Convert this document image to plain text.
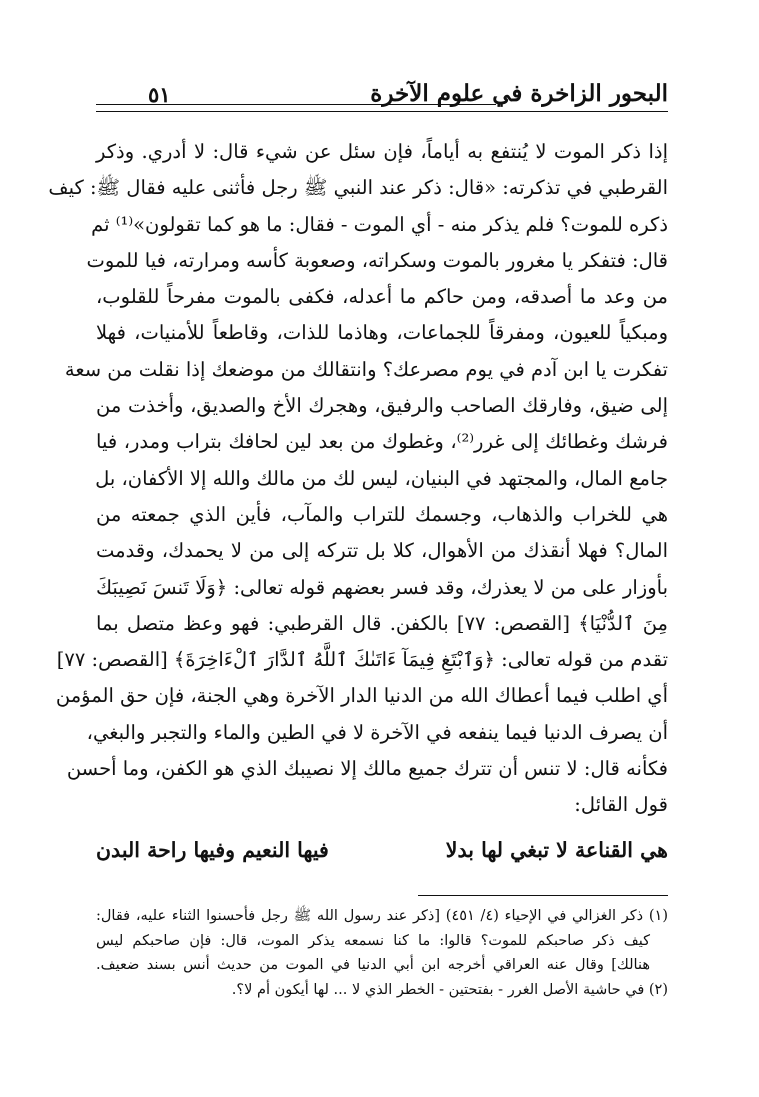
البحور الزاخرة في علوم الآخرة
٥١
إذا ذكر الموت لا يُنتفع به أياماً، فإن سئل عن شيء قال: لا أدري. وذكر
القرطبي في تذكرته: «قال: ذكر عند النبي ﷺ رجل فأثنى عليه فقال ﷺ: كيف
ذكره للموت؟ فلم يذكر منه - أي الموت - فقال: ما هو كما تقولون»⁽¹⁾ ثم
قال: فتفكر يا مغرور بالموت وسكراته، وصعوبة كأسه ومرارته، فيا للموت
من وعد ما أصدقه، ومن حاكم ما أعدله، فكفى بالموت مفرحاً للقلوب،
ومبكياً للعيون، ومفرقاً للجماعات، وهاذما للذات، وقاطعاً للأمنيات، فهلا
تفكرت يا ابن آدم في يوم مصرعك؟ وانتقالك من موضعك إذا نقلت من سعة
إلى ضيق، وفارقك الصاحب والرفيق، وهجرك الأخ والصديق، وأخذت من
فرشك وغطائك إلى غرر⁽²⁾، وغطوك من بعد لين لحافك بتراب ومدر، فيا
جامع المال، والمجتهد في البنيان، ليس لك من مالك والله إلا الأكفان، بل
هي للخراب والذهاب، وجسمك للتراب والمآب، فأين الذي جمعته من
المال؟ فهلا أنقذك من الأهوال، كلا بل تتركه إلى من لا يحمدك، وقدمت
بأوزار على من لا يعذرك، وقد فسر بعضهم قوله تعالى: ﴿وَلَا تَنسَ نَصِيبَكَ
مِنَ ٱلدُّنْيَا﴾ [القصص: ٧٧] بالكفن. قال القرطبي: فهو وعظ متصل بما
تقدم من قوله تعالى: ﴿وَٱبْتَغِ فِيمَآ ءَاتَىٰكَ ٱللَّهُ ٱلدَّارَ ٱلْءَاخِرَةَ﴾ [القصص: ٧٧]
أي اطلب فيما أعطاك الله من الدنيا الدار الآخرة وهي الجنة، فإن حق المؤمن
أن يصرف الدنيا فيما ينفعه في الآخرة لا في الطين والماء والتجبر والبغي،
فكأنه قال: لا تنس أن تترك جميع مالك إلا نصيبك الذي هو الكفن، وما أحسن
قول القائل:
هي القناعة لا تبغي لها بدلا
فيها النعيم وفيها راحة البدن
(١) ذكر الغزالي في الإحياء (٤/ ٤٥١) [ذكر عند رسول الله ﷺ رجل فأحسنوا الثناء عليه، فقال:
كيف ذكر صاحبكم للموت؟ قالوا: ما كنا نسمعه يذكر الموت، قال: فإن صاحبكم ليس
هنالك] وقال عنه العراقي أخرجه ابن أبي الدنيا في الموت من حديث أنس بسند ضعيف.
(٢) في حاشية الأصل الغرر - بفتحتين - الخطر الذي لا ... لها أيكون أم لا؟.
